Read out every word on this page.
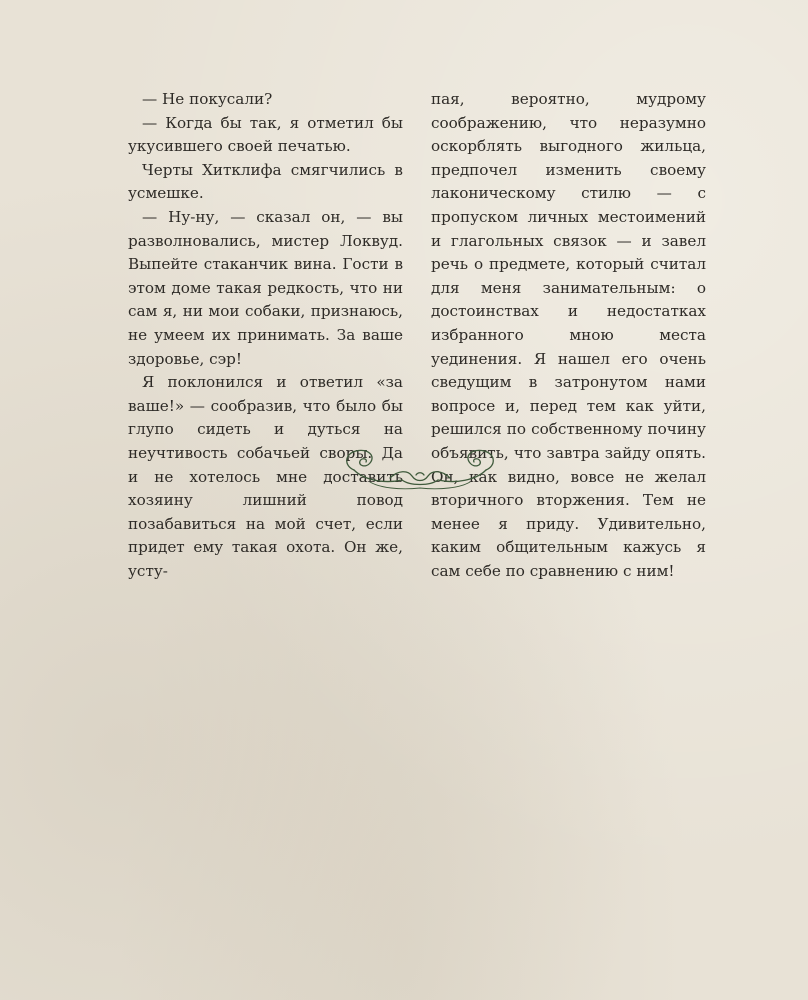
— Не покусали?

— Когда бы так, я отметил бы укусившего своей печатью.

Черты Хитклифа смягчились в усмешке.

— Ну-ну, — сказал он, — вы разволновались, мистер Локвуд. Выпейте стаканчик вина. Гости в этом доме такая редкость, что ни сам я, ни мои собаки, признаюсь, не умеем их принимать. За ваше здоровье, сэр!

Я поклонился и ответил «за ваше!» — сообразив, что было бы глупо сидеть и дуться на неучтивость собачьей своры. Да и не хотелось мне доставить хозяину лишний повод позабавиться на мой счет, если придет ему такая охота. Он же, усту-

пая, вероятно, мудрому соображению, что неразумно оскорблять выгодного жильца, предпочел изменить своему лаконическому стилю — с пропуском личных местоимений и глагольных связок — и завел речь о предмете, который считал для меня занимательным: о достоинствах и недостатках избранного мною места уединения. Я нашел его очень сведущим в затронутом нами вопросе и, перед тем как уйти, решился по собственному почину объявить, что завтра зайду опять. Он, как видно, вовсе не желал вторичного вторжения. Тем не менее я приду. Удивительно, каким общительным кажусь я сам себе по сравнению с ним!
